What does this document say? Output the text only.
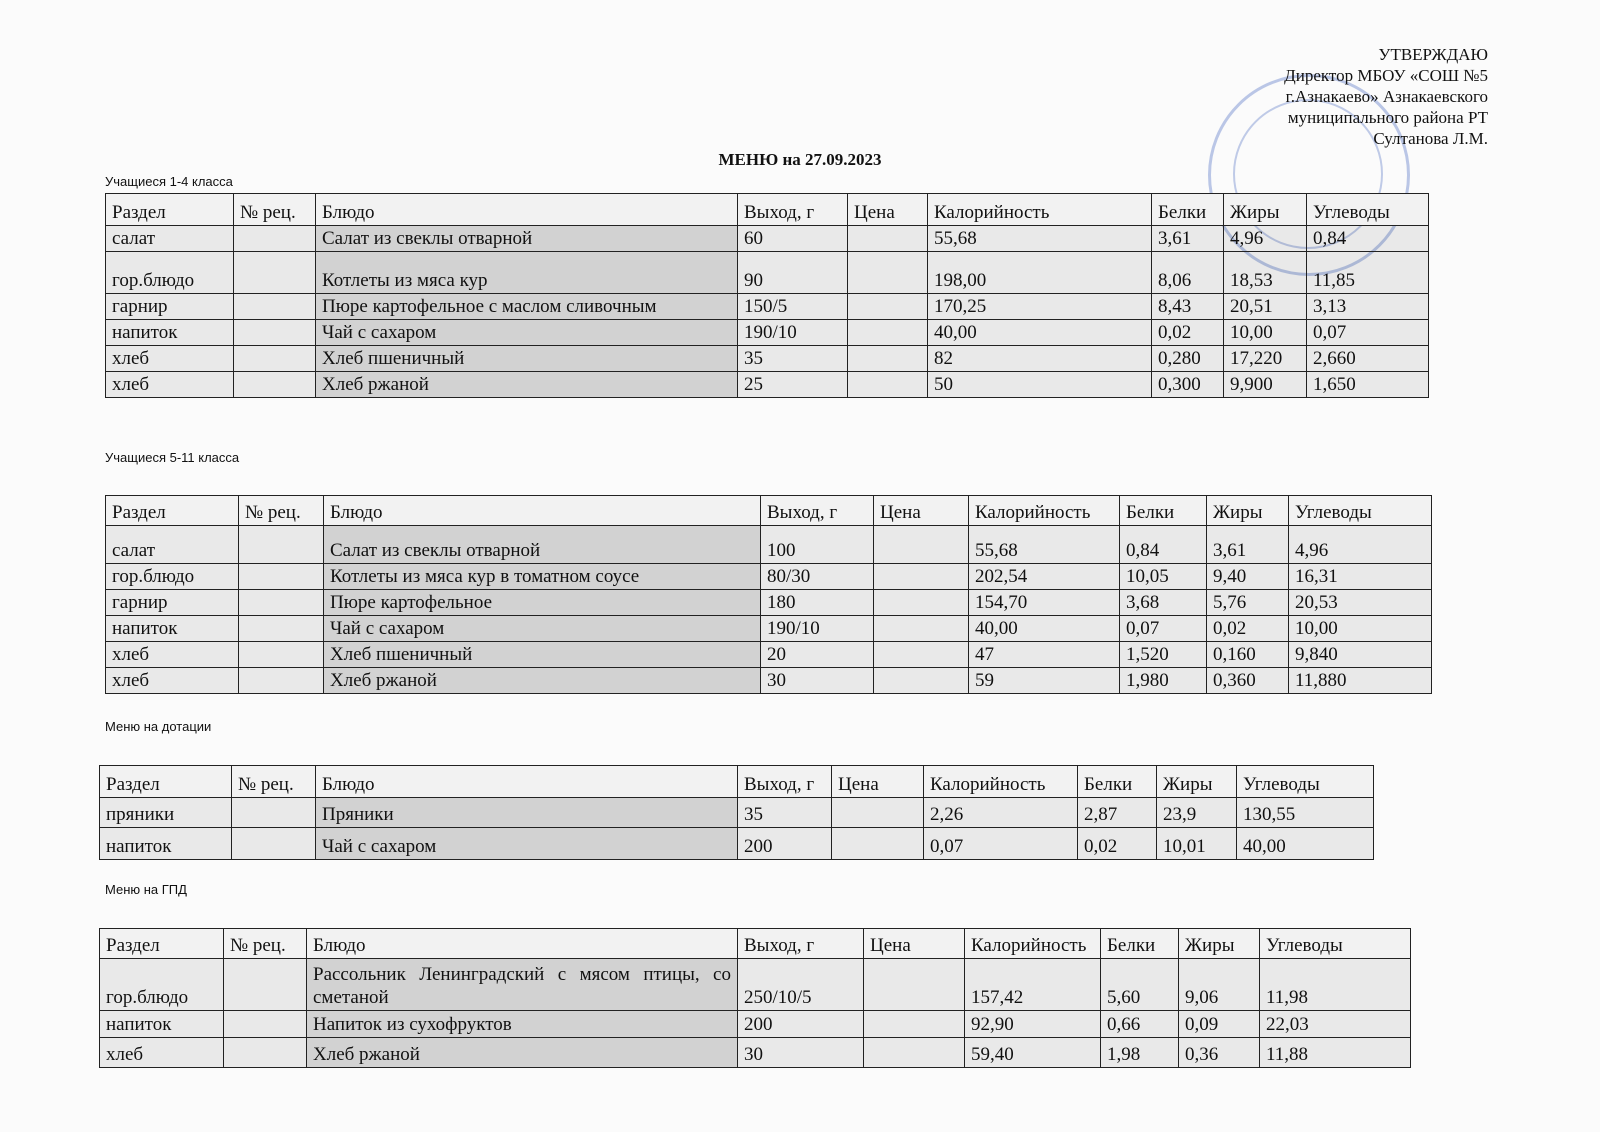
УТВЕРЖДАЮ
Директор МБОУ «СОШ №5
г.Азнакаево» Азнакаевского
муниципального района РТ
Султанова Л.М.
МЕНЮ на 27.09.2023
Учащиеся 1-4 класса
Раздел	№ рец.	Блюдо	Выход, г	Цена	Калорийность	Белки	Жиры	Углеводы
салат		Салат из свеклы отварной	60		55,68	3,61	4,96	0,84
гор.блюдо		Котлеты из мяса кур	90		198,00	8,06	18,53	11,85
гарнир		Пюре картофельное с маслом сливочным	150/5		170,25	8,43	20,51	3,13
напиток		Чай с сахаром	190/10		40,00	0,02	10,00	0,07
хлеб		Хлеб пшеничный	35		82	0,280	17,220	2,660
хлеб		Хлеб ржаной	25		50	0,300	9,900	1,650
Учащиеся 5-11 класса
Раздел	№ рец.	Блюдо	Выход, г	Цена	Калорийность	Белки	Жиры	Углеводы
салат		Салат из свеклы отварной	100		55,68	0,84	3,61	4,96
гор.блюдо		Котлеты из мяса кур в томатном соусе	80/30		202,54	10,05	9,40	16,31
гарнир		Пюре картофельное	180		154,70	3,68	5,76	20,53
напиток		Чай с сахаром	190/10		40,00	0,07	0,02	10,00
хлеб		Хлеб пшеничный	20		47	1,520	0,160	9,840
хлеб		Хлеб ржаной	30		59	1,980	0,360	11,880
Меню на дотации
Раздел	№ рец.	Блюдо	Выход, г	Цена	Калорийность	Белки	Жиры	Углеводы
пряники		Пряники	35		2,26	2,87	23,9	130,55
напиток		Чай с сахаром	200		0,07	0,02	10,01	40,00
Меню на ГПД
Раздел	№ рец.	Блюдо	Выход, г	Цена	Калорийность	Белки	Жиры	Углеводы
гор.блюдо		Рассольник Ленинградский с мясом птицы, со сметаной	250/10/5		157,42	5,60	9,06	11,98
напиток		Напиток из сухофруктов	200		92,90	0,66	0,09	22,03
хлеб		Хлеб ржаной	30		59,40	1,98	0,36	11,88
